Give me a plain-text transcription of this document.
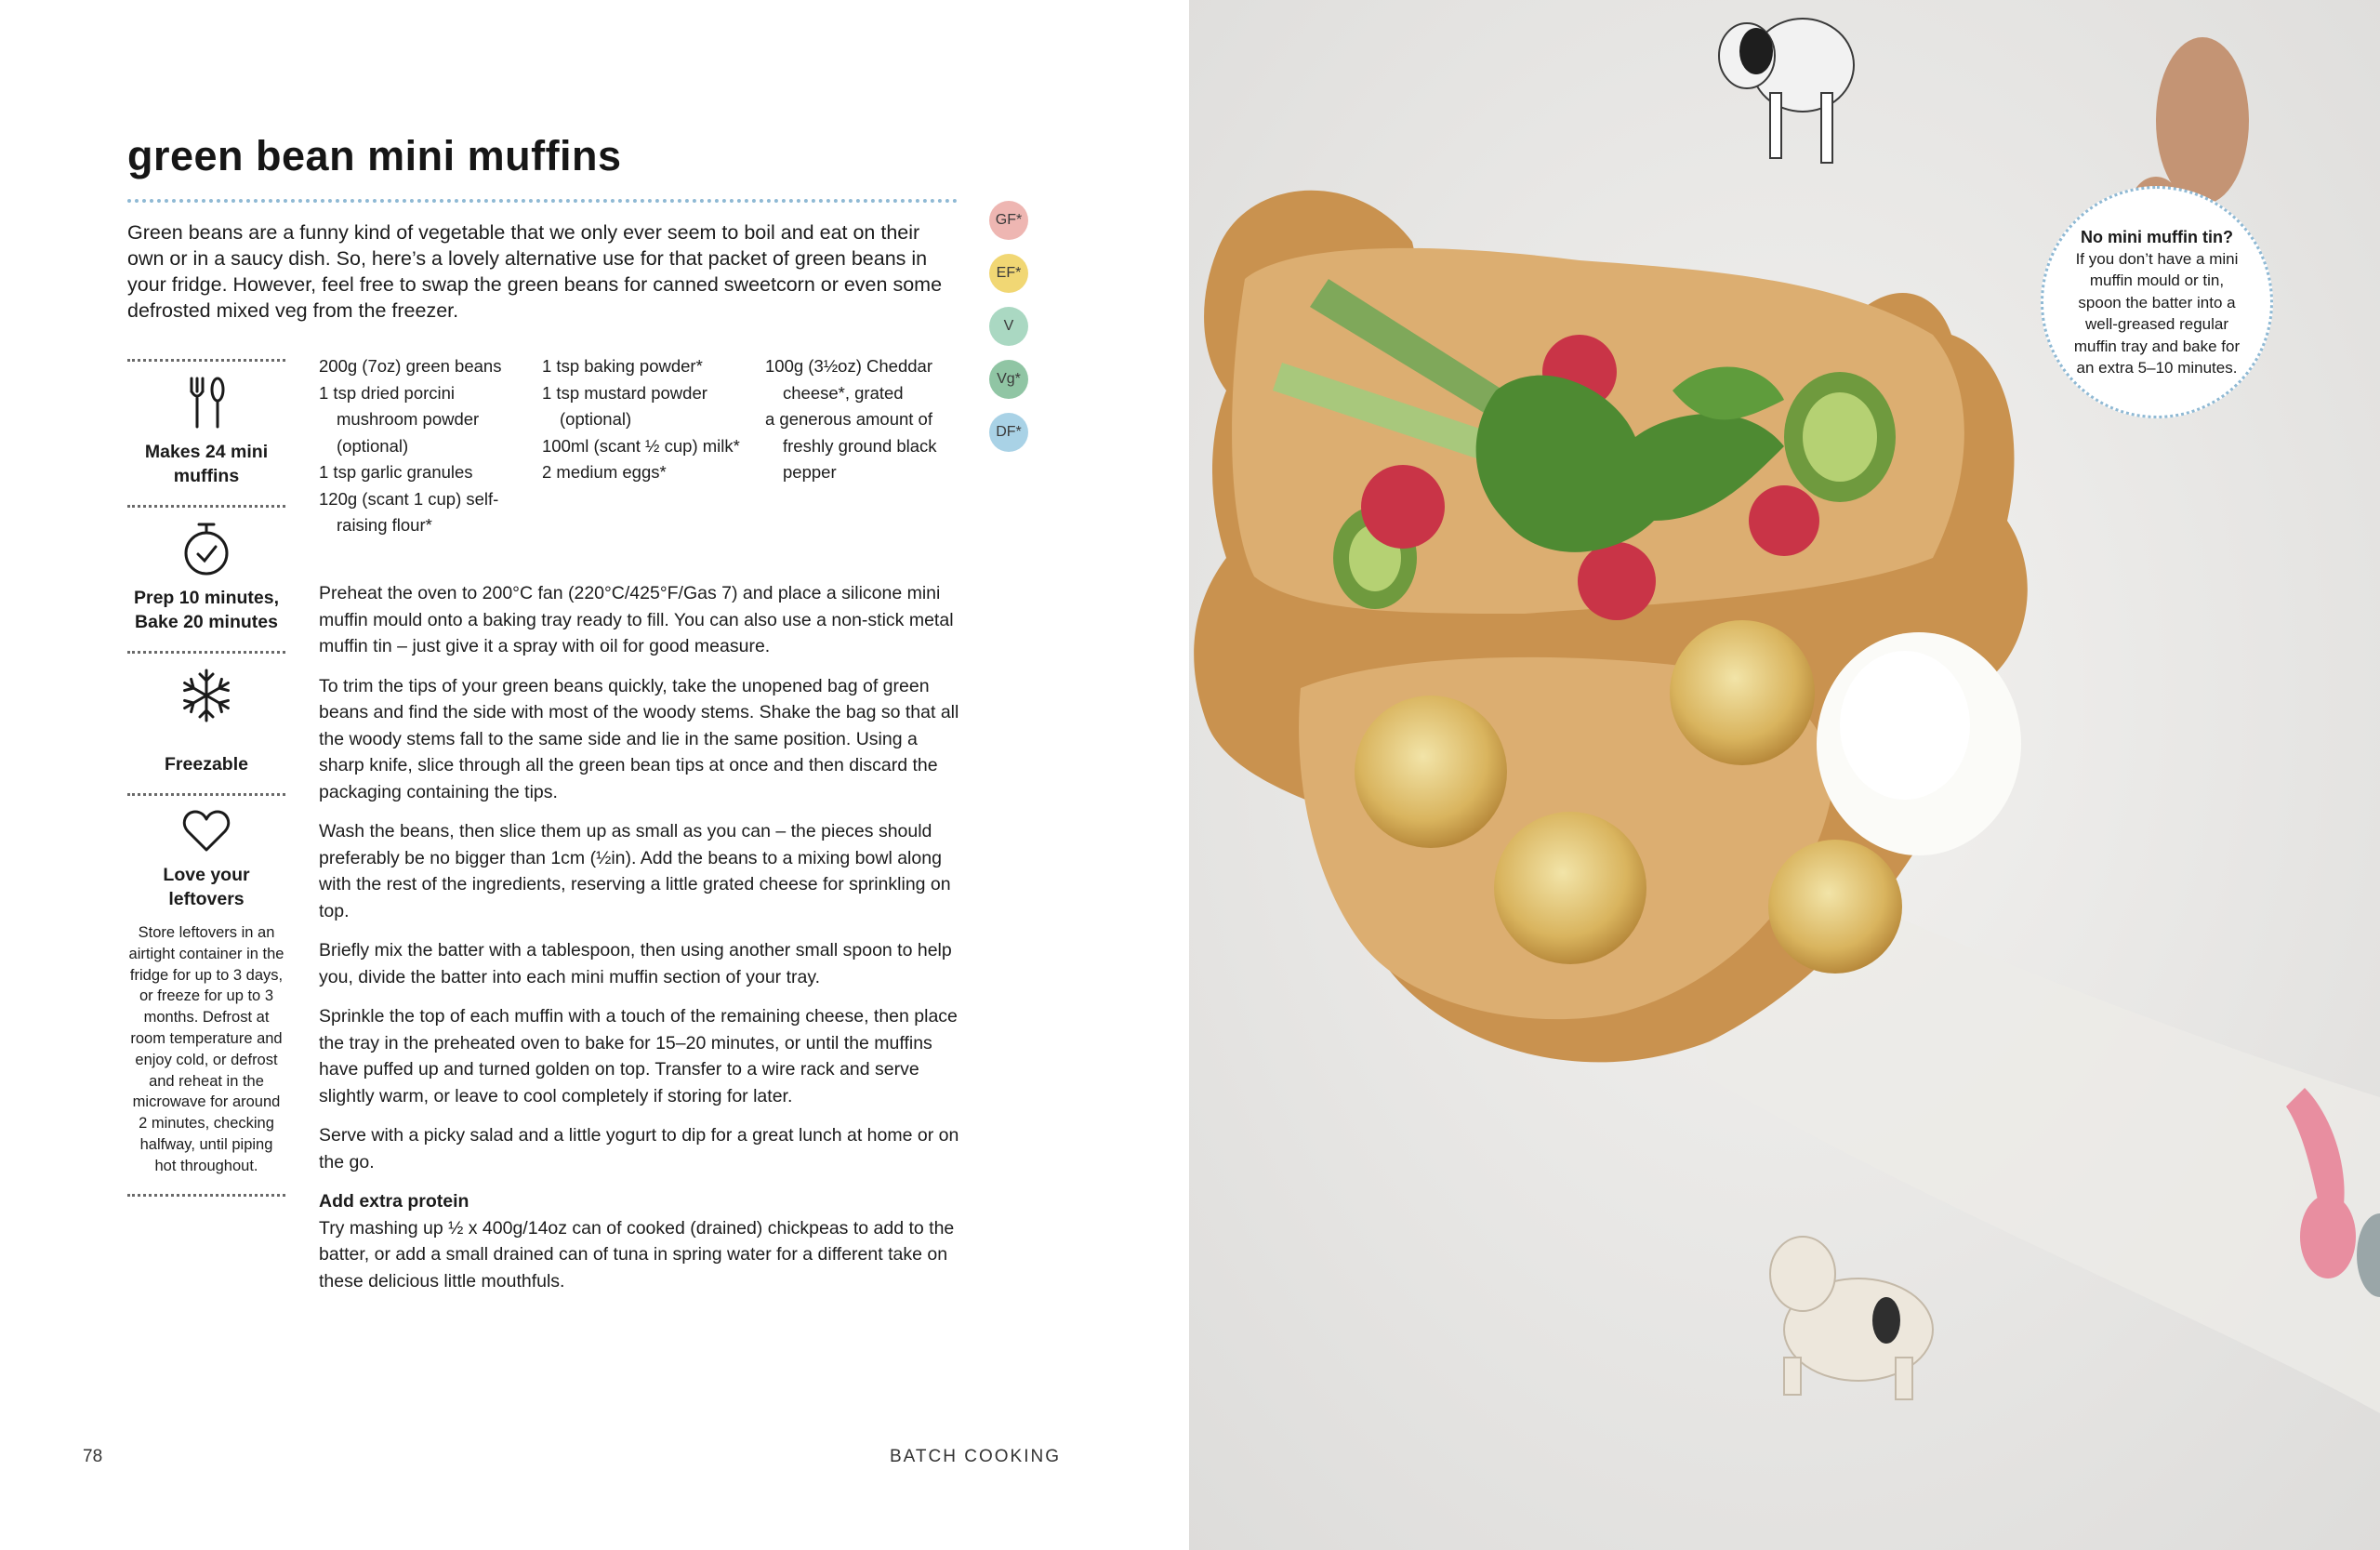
green bean mini muffins
Green beans are a funny kind of vegetable that we only ever seem to boil and eat on their own or in a saucy dish. So, here’s a lovely alternative use for that packet of green beans in your fridge. However, feel free to swap the green beans for canned sweetcorn or even some defrosted mixed veg from the freezer.
GF*
EF*
V
Vg*
DF*
Makes 24 mini muffins
Prep 10 minutes, Bake 20 minutes
Freezable
Love your leftovers
Store leftovers in an airtight container in the fridge for up to 3 days, or freeze for up to 3 months. Defrost at room temperature and enjoy cold, or defrost and reheat in the microwave for around 2 minutes, checking halfway, until piping hot throughout.
200g (7oz) green beans
1 tsp dried porcini mushroom powder (optional)
1 tsp garlic granules
120g (scant 1 cup) self-raising flour*
1 tsp baking powder*
1 tsp mustard powder (optional)
100ml (scant ½ cup) milk*
2 medium eggs*
100g (3½oz) Cheddar cheese*, grated
a generous amount of freshly ground black pepper

Preheat the oven to 200°C fan (220°C/425°F/Gas 7) and place a silicone mini muffin mould onto a baking tray ready to fill. You can also use a non-stick metal muffin tin – just give it a spray with oil for good measure.

To trim the tips of your green beans quickly, take the unopened bag of green beans and find the side with most of the woody stems. Shake the bag so that all the woody stems fall to the same side and lie in the same position. Using a sharp knife, slice through all the green bean tips at once and then discard the packaging containing the tips.

Wash the beans, then slice them up as small as you can – the pieces should preferably be no bigger than 1cm (½in). Add the beans to a mixing bowl along with the rest of the ingredients, reserving a little grated cheese for sprinkling on top.

Briefly mix the batter with a tablespoon, then using another small spoon to help you, divide the batter into each mini muffin section of your tray.

Sprinkle the top of each muffin with a touch of the remaining cheese, then place the tray in the preheated oven to bake for 15–20 minutes, or until the muffins have puffed up and turned golden on top. Transfer to a wire rack and serve slightly warm, or leave to cool completely if storing for later.

Serve with a picky salad and a little yogurt to dip for a great lunch at home or on the go.

Add extra protein
Try mashing up ½ x 400g/14oz can of cooked (drained) chickpeas to add to the batter, or add a small drained can of tuna in spring water for a different take on these delicious little mouthfuls.
78	BATCH COOKING
No mini muffin tin?
If you don’t have a mini muffin mould or tin, spoon the batter into a well-greased regular muffin tray and bake for an extra 5–10 minutes.
